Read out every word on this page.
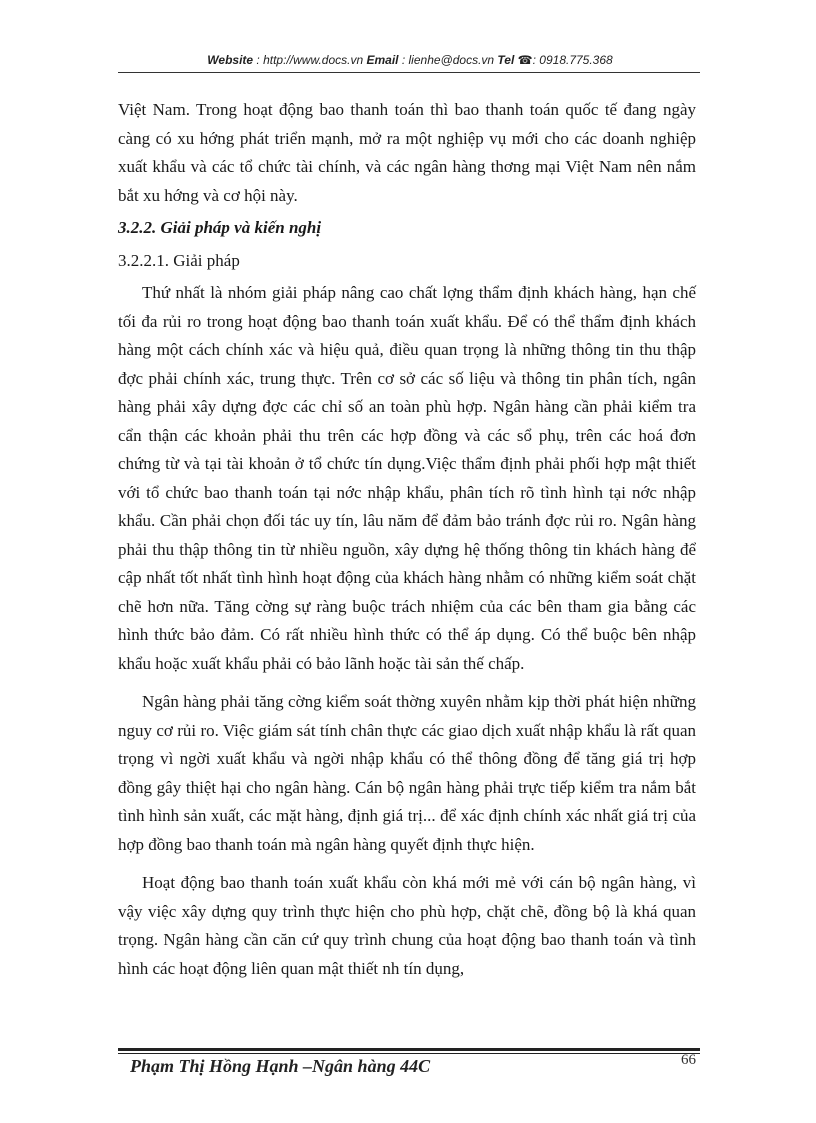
Website : http://www.docs.vn Email : lienhe@docs.vn Tel ☎: 0918.775.368

Việt Nam. Trong hoạt động bao thanh toán thì bao thanh toán quốc tế đang ngày càng có xu hớng phát triển mạnh, mở ra một nghiệp vụ mới cho các doanh nghiệp xuất khẩu và các tổ chức tài chính, và các ngân hàng thơng mại Việt Nam nên nắm bắt xu hớng và cơ hội này.

3.2.2. Giải pháp và kiến nghị

3.2.2.1. Giải pháp

Thứ nhất là nhóm giải pháp nâng cao chất lợng thẩm định khách hàng, hạn chế tối đa rủi ro trong hoạt động bao thanh toán xuất khẩu. Để có thể thẩm định khách hàng một cách chính xác và hiệu quả, điều quan trọng là những thông tin thu thập đợc phải chính xác, trung thực. Trên cơ sở các số liệu và thông tin phân tích, ngân hàng phải xây dựng đợc các chỉ số an toàn phù hợp. Ngân hàng cần phải kiểm tra cẩn thận các khoản phải thu trên các hợp đồng và các sổ phụ, trên các hoá đơn chứng từ và tại tài khoản ở tổ chức tín dụng.Việc thẩm định phải phối hợp mật thiết với tổ chức bao thanh toán tại nớc nhập khẩu, phân tích rõ tình hình tại nớc nhập khẩu. Cần phải chọn đối tác uy tín, lâu năm để đảm bảo tránh đợc rủi ro. Ngân hàng phải thu thập thông tin từ nhiều nguồn, xây dựng hệ thống thông tin khách hàng để cập nhất tốt nhất tình hình hoạt động của khách hàng nhằm có những kiểm soát chặt chẽ hơn nữa. Tăng cờng sự ràng buộc trách nhiệm của các bên tham gia bằng các hình thức bảo đảm. Có rất nhiều hình thức có thể áp dụng. Có thể buộc bên nhập khẩu hoặc xuất khẩu phải có bảo lãnh hoặc tài sản thế chấp.

Ngân hàng phải tăng cờng kiểm soát thờng xuyên nhằm kịp thời phát hiện những nguy cơ rủi ro. Việc giám sát tính chân thực các giao dịch xuất nhập khẩu là rất quan trọng vì ngời xuất khẩu và ngời nhập khẩu có thể thông đồng để tăng giá trị hợp đồng gây thiệt hại cho ngân hàng. Cán bộ ngân hàng phải trực tiếp kiểm tra nắm bắt tình hình sản xuất, các mặt hàng, định giá trị... để xác định chính xác nhất giá trị của hợp đồng bao thanh toán mà ngân hàng quyết định thực hiện.

Hoạt động bao thanh toán xuất khẩu còn khá mới mẻ với cán bộ ngân hàng, vì vậy việc xây dựng quy trình thực hiện cho phù hợp, chặt chẽ, đồng bộ là khá quan trọng. Ngân hàng cần căn cứ quy trình chung của hoạt động bao thanh toán và tình hình các hoạt động liên quan mật thiết nh tín dụng,

Phạm Thị Hồng Hạnh –Ngân hàng 44C	66
